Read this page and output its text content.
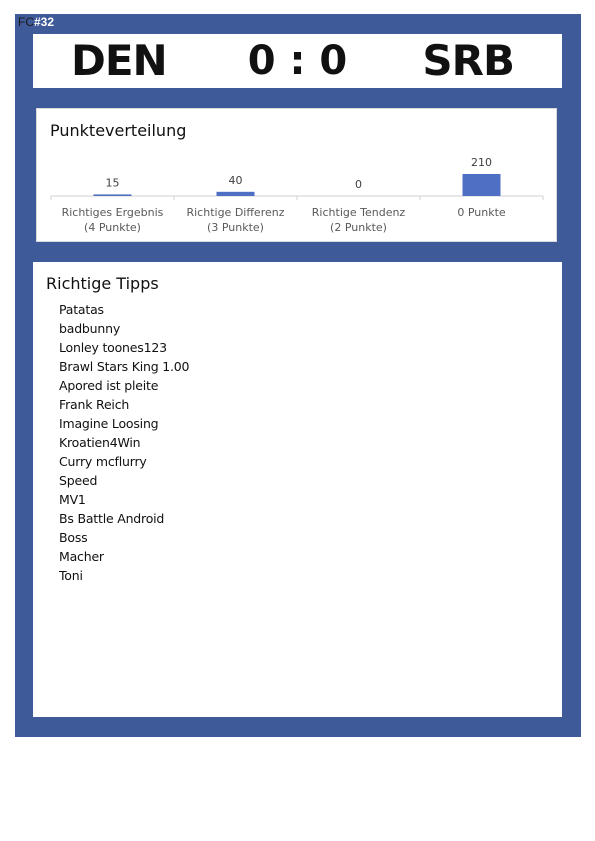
FC#32
DEN	0 : 0	SRB
Punkteverteilung
15
Richtiges Ergebnis
(4 Punkte)
40
Richtige Differenz
(3 Punkte)
0
Richtige Tendenz
(2 Punkte)
210
0 Punkte
Richtige Tipps
Patatas
badbunny
Lonley toones123
Brawl Stars King 1.00
Apored ist pleite
Frank Reich
Imagine Loosing
Kroatien4Win
Curry mcflurry
Speed
MV1
Bs Battle Android
Boss
Macher
Toni
